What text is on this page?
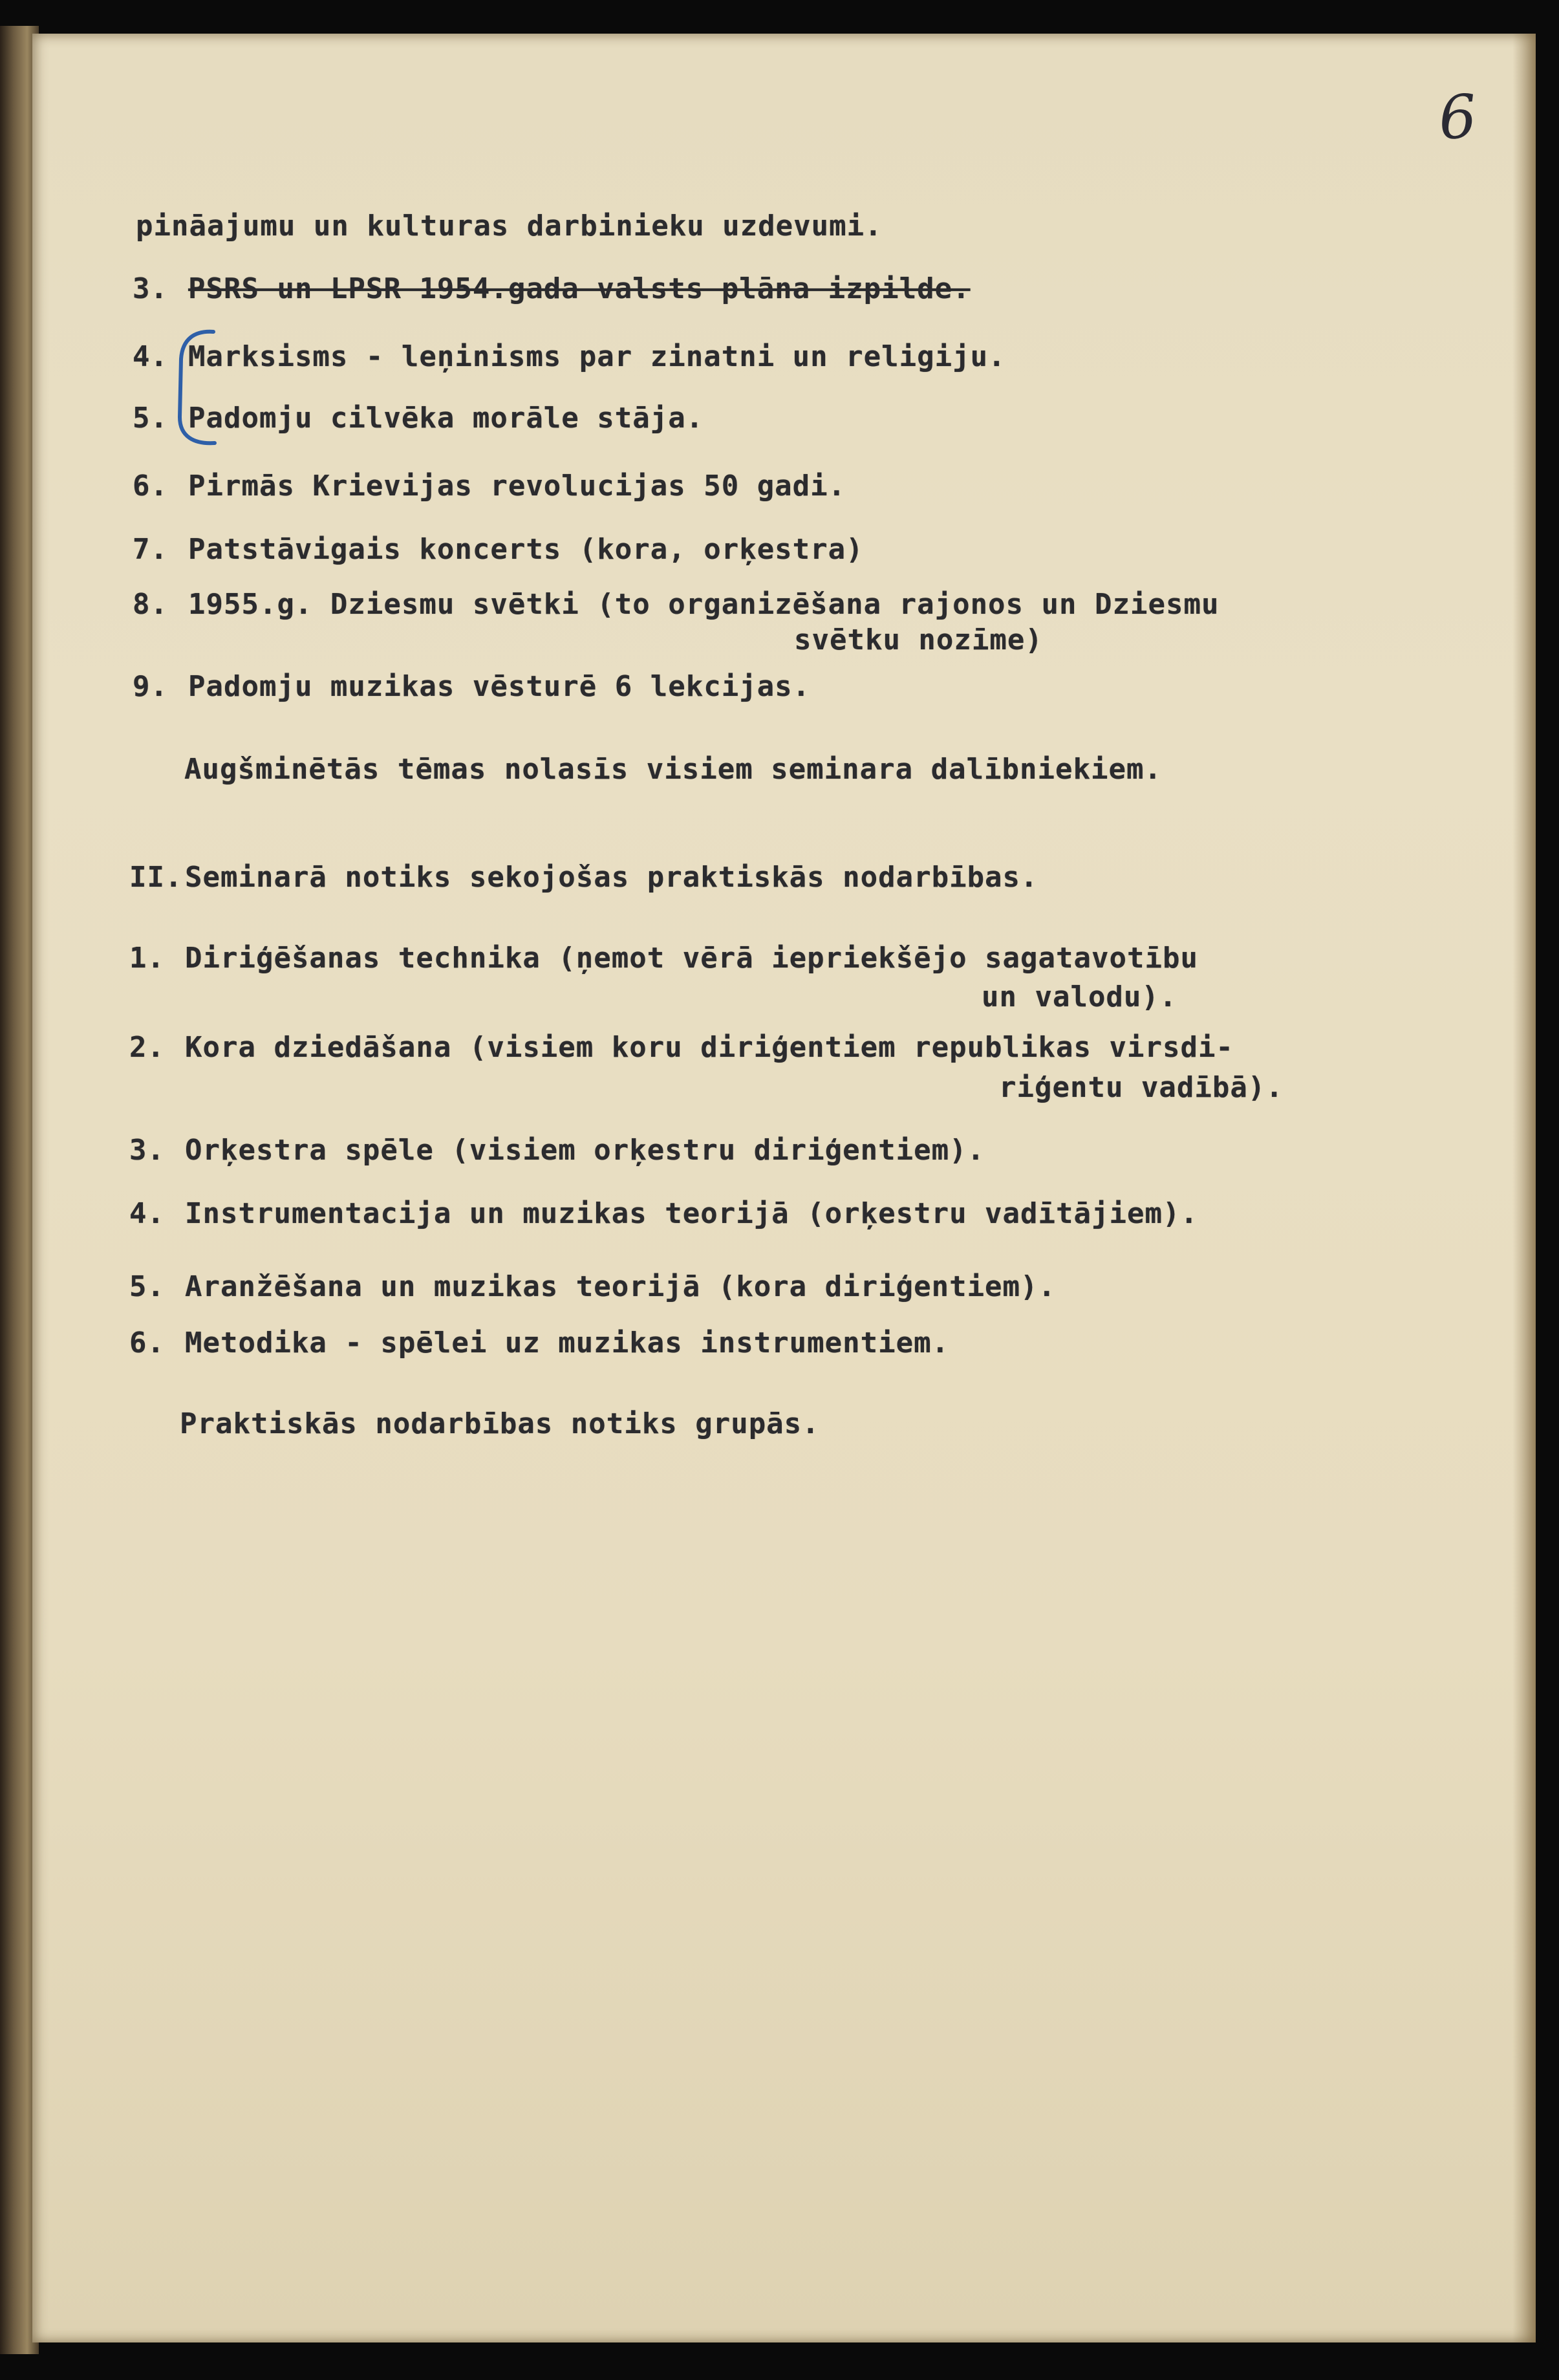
6
pināajumu un kulturas darbinieku uzdevumi.
3. PSRS un LPSR 1954.gada valsts plāna izpilde.
4. Marksisms - leņinisms par zinatni un religiju.
5. Padomju cilvēka morāle stāja.
6. Pirmās Krievijas revolucijas 50 gadi.
7. Patstāvigais koncerts (kora, orķestra)
8. 1955.g. Dziesmu svētki (to organizēšana rajonos un Dziesmu
svētku nozīme)
9. Padomju muzikas vēsturē 6 lekcijas.
Augšminētās tēmas nolasīs visiem seminara dalībniekiem.
II.Seminarā notiks sekojošas praktiskās nodarbības.
1. Diriģēšanas technika (ņemot vērā iepriekšējo sagatavotību
un valodu).
2. Kora dziedāšana (visiem koru diriģentiem republikas virsdi-
riģentu vadībā).
3. Orķestra spēle (visiem orķestru diriģentiem).
4. Instrumentacija un muzikas teorijā (orķestru vadītājiem).
5. Aranžēšana un muzikas teorijā (kora diriģentiem).
6. Metodika - spēlei uz muzikas instrumentiem.
Praktiskās nodarbības notiks grupās.
